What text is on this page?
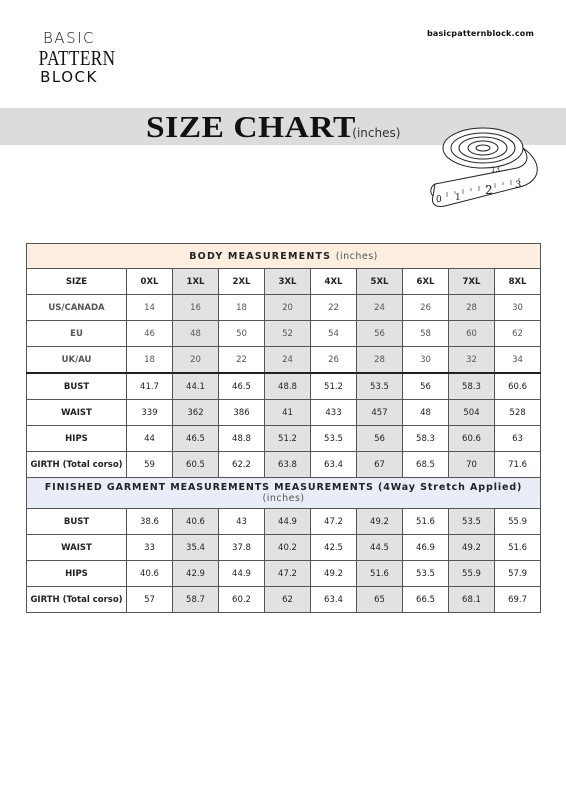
BASIC
PATTERN
BLOCK
basicpatternblock.com
SIZE CHART
(inches)
0 1
2 3
13
BODY MEASUREMENTS (inches)									
SIZE	0XL	1XL	2XL	3XL	4XL	5XL	6XL	7XL	8XL
US/CANADA	14	16	18	20	22	24	26	28	30
EU	46	48	50	52	54	56	58	60	62
UK/AU	18	20	22	24	26	28	30	32	34
BUST	41.7	44.1	46.5	48.8	51.2	53.5	56	58.3	60.6
WAIST	339	362	386	41	433	457	48	504	528
HIPS	44	46.5	48.8	51.2	53.5	56	58.3	60.6	63
GIRTH (Total corso)	59	60.5	62.2	63.8	63.4	67	68.5	70	71.6
FINISHED GARMENT MEASUREMENTS MEASUREMENTS (4Way Stretch Applied) (inches)									
BUST	38.6	40.6	43	44.9	47.2	49.2	51.6	53.5	55.9
WAIST	33	35.4	37.8	40.2	42.5	44.5	46.9	49.2	51.6
HIPS	40.6	42.9	44.9	47.2	49.2	51.6	53.5	55.9	57.9
GIRTH (Total corso)	57	58.7	60.2	62	63.4	65	66.5	68.1	69.7
